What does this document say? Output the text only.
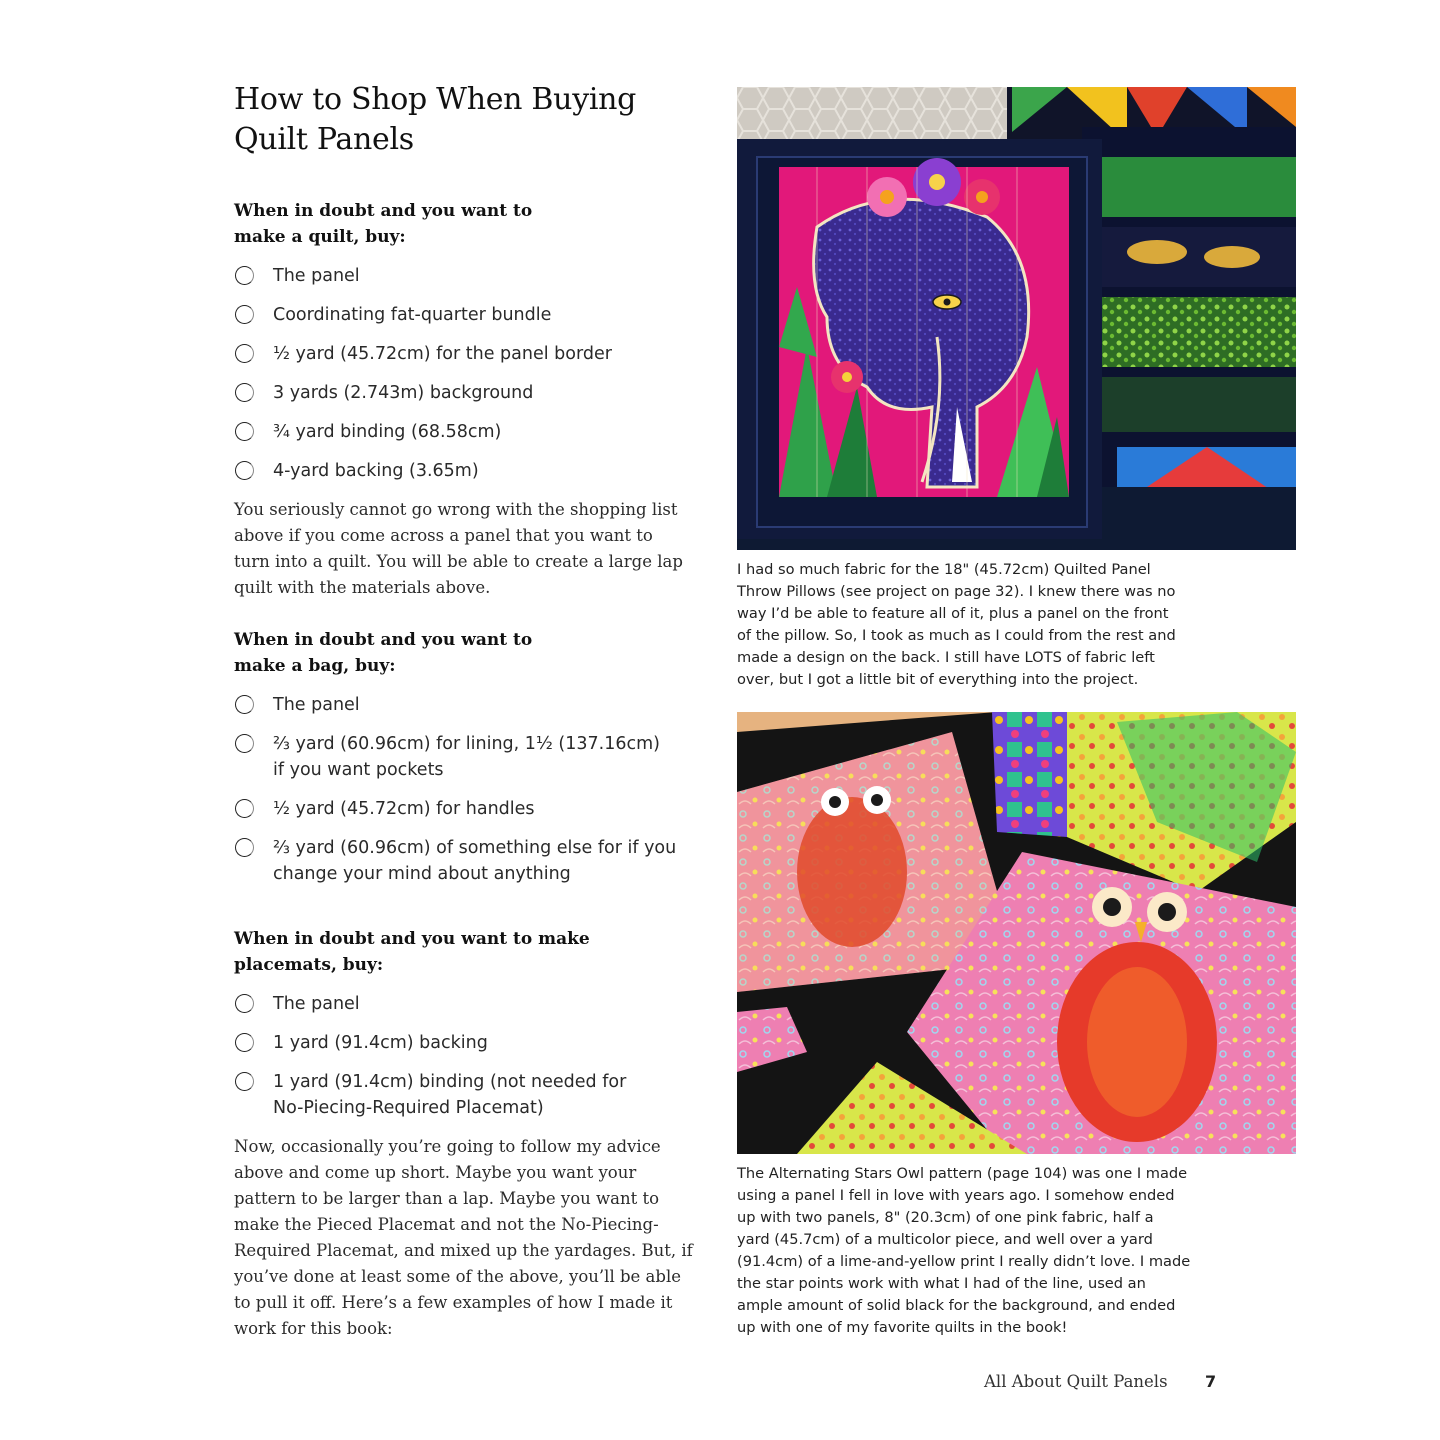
How to Shop When Buying
Quilt Panels
When in doubt and you want to
make a quilt, buy:
The panel
Coordinating fat-quarter bundle
½ yard (45.72cm) for the panel border
3 yards (2.743m) background
¾ yard binding (68.58cm)
4-yard backing (3.65m)

You seriously cannot go wrong with the shopping list
above if you come across a panel that you want to
turn into a quilt. You will be able to create a large lap
quilt with the materials above.

When in doubt and you want to
make a bag, buy:
The panel
⅔ yard (60.96cm) for lining, 1½ (137.16cm)
if you want pockets
½ yard (45.72cm) for handles
⅔ yard (60.96cm) of something else for if you
change your mind about anything
When in doubt and you want to make
placemats, buy:
The panel
1 yard (91.4cm) backing
1 yard (91.4cm) binding (not needed for
No-Piecing-Required Placemat)

Now, occasionally you’re going to follow my advice
above and come up short. Maybe you want your
pattern to be larger than a lap. Maybe you want to
make the Pieced Placemat and not the No-Piecing-
Required Placemat, and mixed up the yardages. But, if
you’ve done at least some of the above, you’ll be able
to pull it off. Here’s a few examples of how I made it
work for this book:

I had so much fabric for the 18" (45.72cm) Quilted Panel
Throw Pillows (see project on page 32). I knew there was no
way I’d be able to feature all of it, plus a panel on the front
of the pillow. So, I took as much as I could from the rest and
made a design on the back. I still have LOTS of fabric left
over, but I got a little bit of everything into the project.

The Alternating Stars Owl pattern (page 104) was one I made
using a panel I fell in love with years ago. I somehow ended
up with two panels, 8" (20.3cm) of one pink fabric, half a
yard (45.7cm) of a multicolor piece, and well over a yard
(91.4cm) of a lime-and-yellow print I really didn’t love. I made
the star points work with what I had of the line, used an
ample amount of solid black for the background, and ended
up with one of my favorite quilts in the book!

All About Quilt Panels 7
